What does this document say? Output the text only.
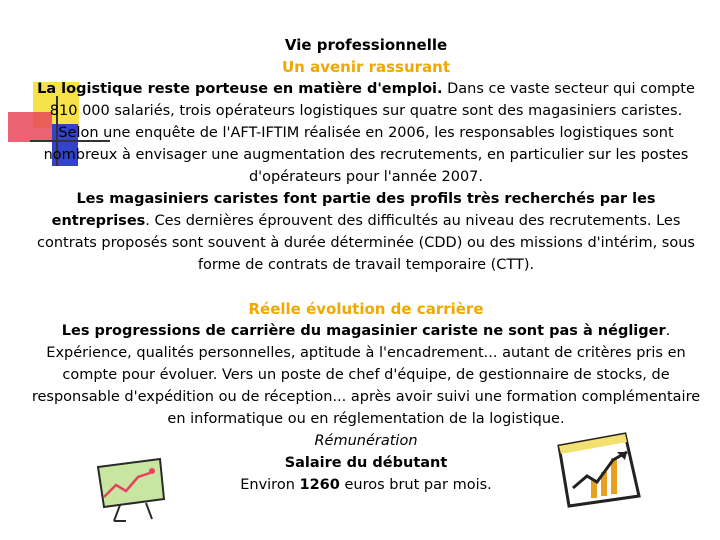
Vie professionnelle

Un avenir rassurant

La logistique reste porteuse en matière d'emploi. Dans ce vaste secteur qui compte 810 000 salariés, trois opérateurs logistiques sur quatre sont des magasiniers caristes. Selon une enquête de l'AFT-IFTIM réalisée en 2006, les responsables logistiques sont nombreux à envisager une augmentation des recrutements, en particulier sur les postes d'opérateurs pour l'année 2007.

Les magasiniers caristes font partie des profils très recherchés par les entreprises. Ces dernières éprouvent des difficultés au niveau des recrutements. Les contrats proposés sont souvent à durée déterminée (CDD) ou des missions d'intérim, sous forme de contrats de travail temporaire (CTT).

Réelle évolution de carrière

Les progressions de carrière du magasinier cariste ne sont pas à négliger. Expérience, qualités personnelles, aptitude à l'encadrement... autant de critères pris en compte pour évoluer. Vers un poste de chef d'équipe, de gestionnaire de stocks, de responsable d'expédition ou de réception... après avoir suivi une formation complémentaire en informatique ou en réglementation de la logistique.

Rémunération

Salaire du débutant

Environ 1260 euros brut par mois.
